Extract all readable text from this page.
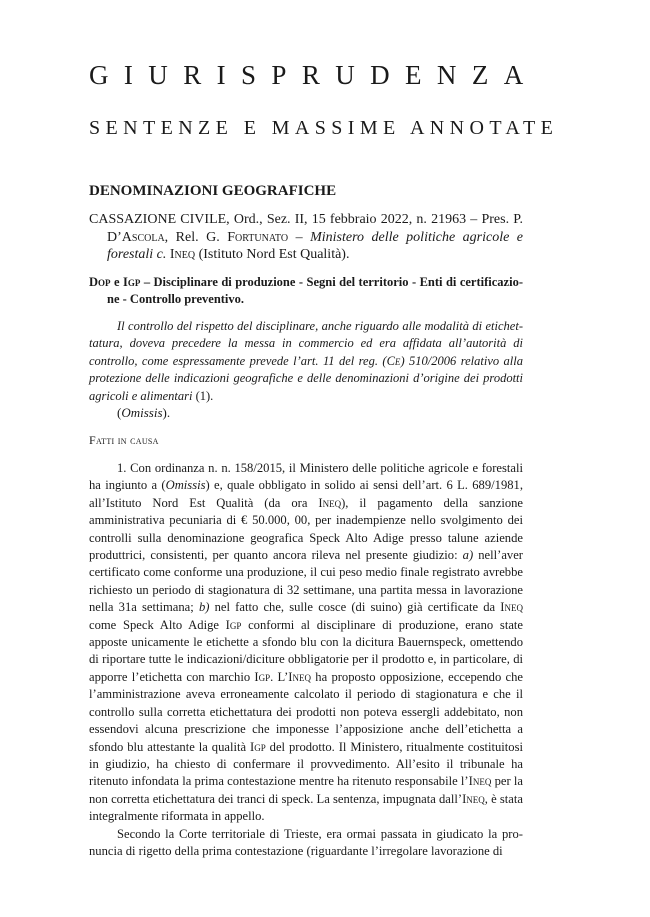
GIURISPRUDENZA
SENTENZE E MASSIME ANNOTATE
DENOMINAZIONI GEOGRAFICHE
CASSAZIONE CIVILE, Ord., Sez. II, 15 febbraio 2022, n. 21963 – Pres. P. D’Ascola, Rel. G. Fortunato – Ministero delle politiche agricole e forestali c. Ineq (Istituto Nord Est Qualità).
Dop e Igp – Disciplinare di produzione - Segni del territorio - Enti di certificazione - Controllo preventivo.
Il controllo del rispetto del disciplinare, anche riguardo alle modalità di etichettatura, doveva precedere la messa in commercio ed era affidata all’autorità di controllo, come espressamente prevede l’art. 11 del reg. (Ce) 510/2006 relativo alla protezione delle indicazioni geografiche e delle denominazioni d’origine dei prodotti agricoli e alimentari (1).
(Omissis).
Fatti in causa

1. Con ordinanza n. n. 158/2015, il Ministero delle politiche agricole e forestali ha ingiunto a (Omissis) e, quale obbligato in solido ai sensi dell’art. 6 L. 689/1981, all’Istituto Nord Est Qualità (da ora Ineq), il pagamento della sanzione amministrativa pecuniaria di € 50.000, 00, per inadempienze nello svolgimento dei controlli sulla denominazione geografica Speck Alto Adige presso talune aziende produttrici, consistenti, per quanto ancora rileva nel presente giudizio: a) nell’aver certificato come conforme una produzione, il cui peso medio finale registrato avrebbe richiesto un periodo di stagionatura di 32 settimane, una partita messa in lavorazione nella 31a settimana; b) nel fatto che, sulle cosce (di suino) già certificate da Ineq come Speck Alto Adige Igp conformi al disciplinare di produzione, erano state apposte unicamente le etichette a sfondo blu con la dicitura Bauernspeck, omettendo di riportare tutte le indicazioni/diciture obbligatorie per il prodotto e, in particolare, di apporre l’etichetta con marchio Igp. L’Ineq ha proposto opposizione, eccependo che l’amministrazione aveva erroneamente calcolato il periodo di stagionatura e che il controllo sulla corretta etichettatura dei prodotti non poteva essergli addebitato, non essendovi alcuna prescrizione che imponesse l’apposizione anche dell’etichetta a sfondo blu attestante la qualità Igp del prodotto. Il Ministero, ritualmente costituitosi in giudizio, ha chiesto di confermare il provvedimento. All’esito il tribunale ha ritenuto infondata la prima contestazione mentre ha ritenuto responsabile l’Ineq per la non corretta etichettatura dei tranci di speck. La sentenza, impugnata dall’Ineq, è stata integralmente riformata in appello.

Secondo la Corte territoriale di Trieste, era ormai passata in giudicato la pronuncia di rigetto della prima contestazione (riguardante l’irregolare lavorazione di
